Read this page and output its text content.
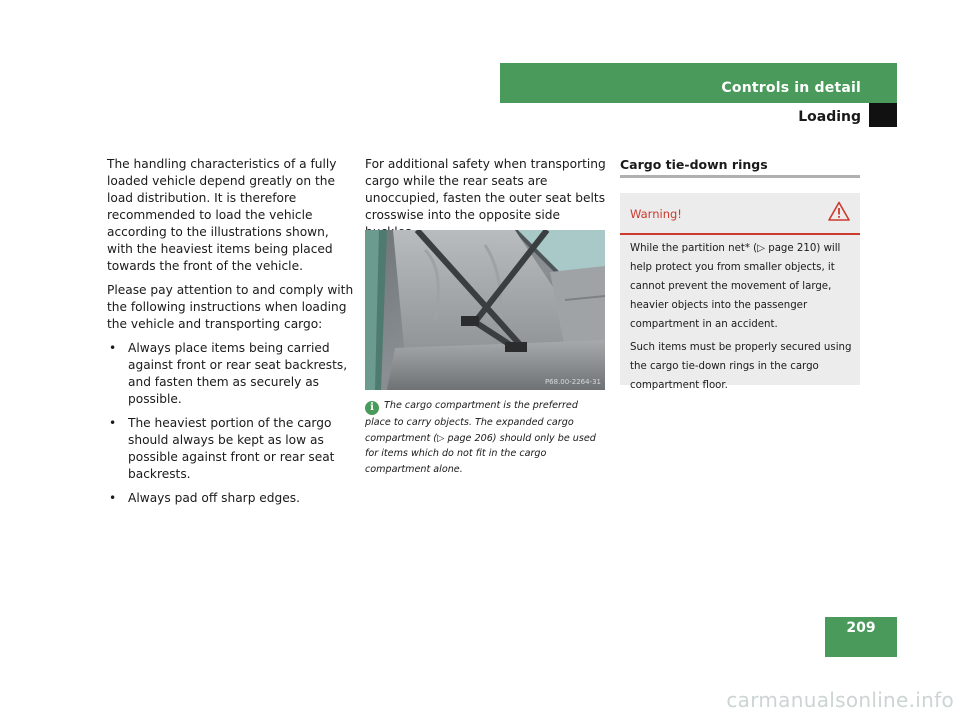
Controls in detail
Loading

The handling characteristics of a fully loaded vehicle depend greatly on the load distribution. It is therefore recommended to load the vehicle according to the illustrations shown, with the heaviest items being placed towards the front of the vehicle.

Please pay attention to and comply with the following instructions when loading the vehicle and transporting cargo:

• Always place items being carried against front or rear seat backrests, and fasten them as securely as possible.
• The heaviest portion of the cargo should always be kept as low as possible against front or rear seat backrests.
• Always pad off sharp edges.

For additional safety when transporting cargo while the rear seats are unoccupied, fasten the outer seat belts crosswise into the opposite side

P68.00-2264-31
i The cargo compartment is the preferred place to carry objects. The expanded cargo compartment (▷ page 206) should only be used for items which do not fit in the cargo compartment alone.
Cargo tie-down rings
Warning!

While the partition net* (▷ page 210) will help protect you from smaller objects, it cannot prevent the movement of large, heavier objects into the passenger compartment in an accident.

Such items must be properly secured using the cargo tie-down rings in the cargo compartment floor.

209
carmanualsonline.info
